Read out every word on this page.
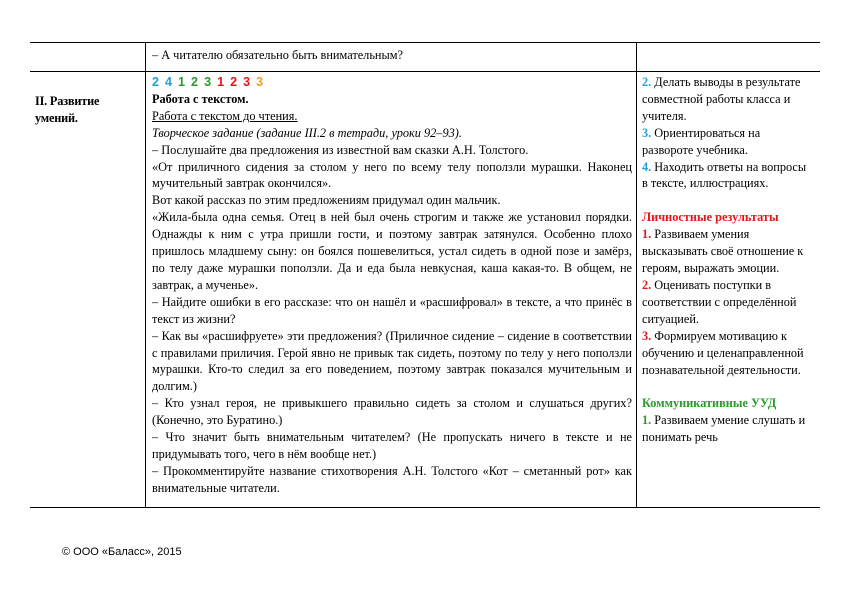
– А читателю обязательно быть внимательным?

II. Развитие

умений.

2 4 1 2 3 1 2 3 3

Работа с текстом.

Работа с текстом до чтения.

Творческое задание (задание III.2 в тетради, уроки 92–93).

– Послушайте два предложения из известной вам сказки А.Н. Толстого.

«От приличного сидения за столом у него по всему телу поползли мурашки. Наконец мучительный завтрак окончился».

Вот какой рассказ по этим предложениям придумал один мальчик.

«Жила-была одна семья. Отец в ней был очень строгим и также же установил порядки. Однажды к ним с утра пришли гости, и поэтому завтрак затянулся. Особенно плохо пришлось младшему сыну: он боялся пошевелиться, устал сидеть в одной позе и замёрз, по телу даже мурашки поползли. Да и еда была невкусная, каша какая-то. В общем, не завтрак, а мученье».

– Найдите ошибки в его рассказе: что он нашёл и «расшифровал» в тексте, а что принёс в текст из жизни?

– Как вы «расшифруете» эти предложения? (Приличное сидение – сидение в соответствии с правилами приличия. Герой явно не привык так сидеть, поэтому по телу у него поползли мурашки. Кто-то следил за его поведением, поэтому завтрак показался мучительным и долгим.)

– Кто узнал героя, не привыкшего правильно сидеть за столом и слушаться других? (Конечно, это Буратино.)

– Что значит быть внимательным читателем? (Не пропускать ничего в тексте и не придумывать того, чего в нём вообще нет.)

– Прокомментируйте название стихотворения А.Н. Толстого «Кот – сметанный рот» как внимательные читатели.

2. Делать выводы в результате совместной работы класса и учителя.

3. Ориентироваться на развороте учебника.

4. Находить ответы на вопросы в тексте, иллюстрациях.

Личностные результаты

1. Развиваем умения высказывать своё отношение к героям, выражать эмоции.

2. Оценивать поступки в соответствии с определённой ситуацией.

3. Формируем мотивацию к обучению и целенаправленной познавательной деятельности.

Коммуникативные УУД

1. Развиваем умение слушать и понимать речь

© ООО «Баласс», 2015
